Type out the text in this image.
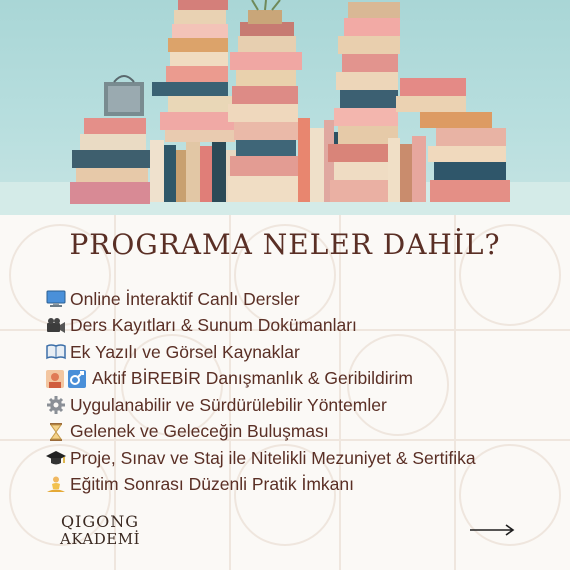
PROGRAMA NELER DAHİL?
Online İnteraktif Canlı Dersler
Ders Kayıtları & Sunum Dokümanları
Ek Yazılı ve Görsel Kaynaklar
Aktif BİREBİR Danışmanlık & Geribildirim
Uygulanabilir ve Sürdürülebilir Yöntemler
Gelenek ve Geleceğin Buluşması
Proje, Sınav ve Staj ile Nitelikli Mezuniyet & Sertifika
Eğitim Sonrası Düzenli Pratik İmkanı
QIGONG
AKADEMİ
